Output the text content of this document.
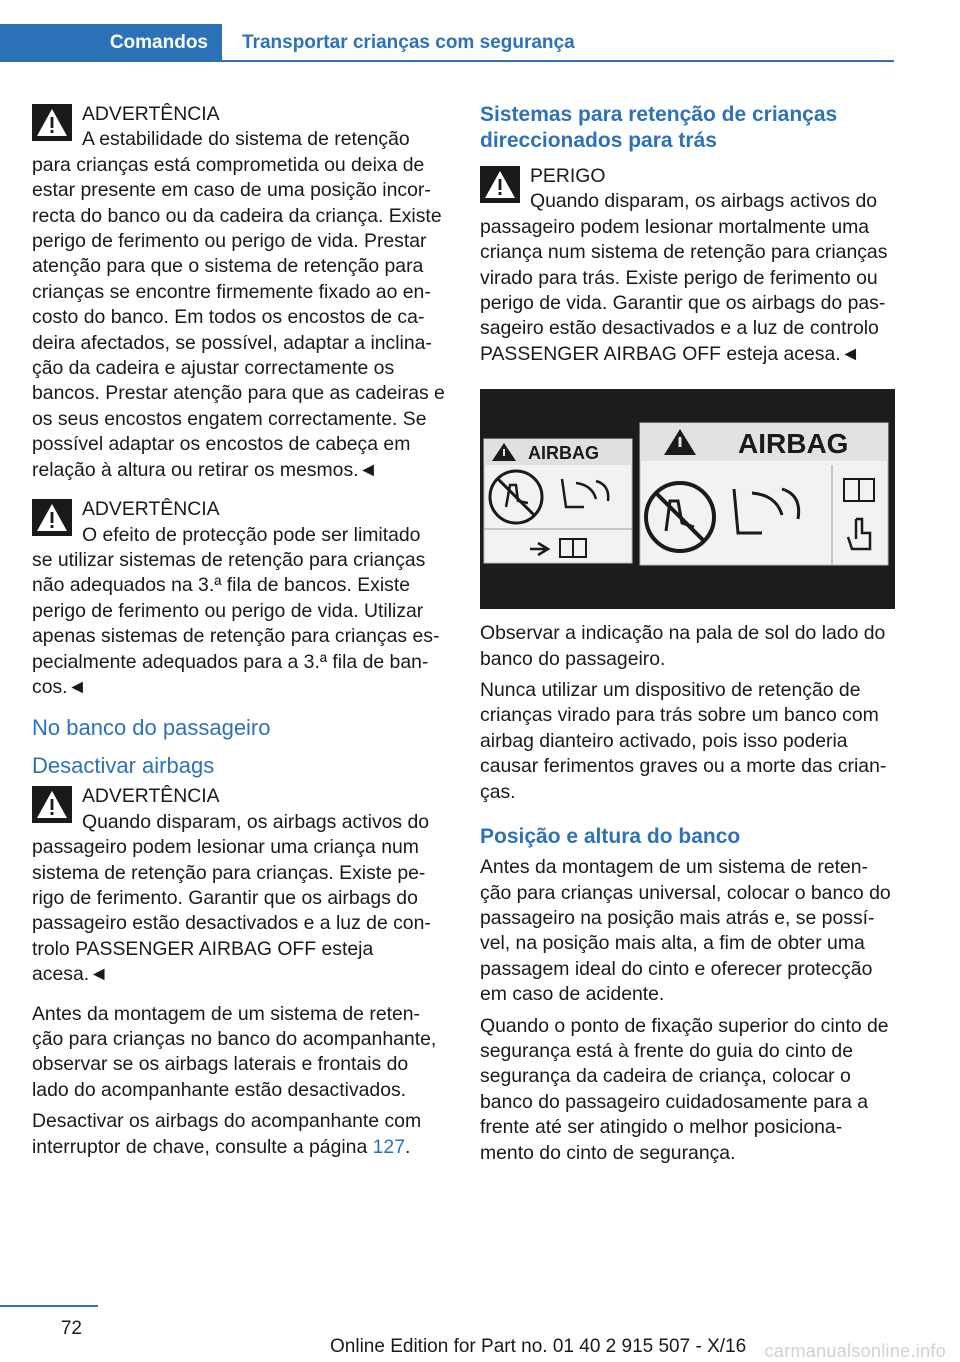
Comandos	Transportar crianças com segurança
ADVERTÊNCIA
A estabilidade do sistema de retenção
para crianças está comprometida ou deixa de estar presente em caso de uma posição incor-recta do banco ou da cadeira da criança. Existe perigo de ferimento ou perigo de vida. Prestar atenção para que o sistema de retenção para crianças se encontre firmemente fixado ao en-costo do banco. Em todos os encostos de ca-deira afectados, se possível, adaptar a inclina-ção da cadeira e ajustar correctamente os bancos. Prestar atenção para que as cadeiras e os seus encostos engatem correctamente. Se possível adaptar os encostos de cabeça em relação à altura ou retirar os mesmos.◄
ADVERTÊNCIA
O efeito de protecção pode ser limitado
se utilizar sistemas de retenção para crianças não adequados na 3.ª fila de bancos. Existe perigo de ferimento ou perigo de vida. Utilizar apenas sistemas de retenção para crianças es-pecialmente adequados para a 3.ª fila de ban-cos.◄
No banco do passageiro
Desactivar airbags
ADVERTÊNCIA
Quando disparam, os airbags activos do
passageiro podem lesionar uma criança num sistema de retenção para crianças. Existe pe-rigo de ferimento. Garantir que os airbags do passageiro estão desactivados e a luz de con-trolo PASSENGER AIRBAG OFF esteja acesa.◄

Antes da montagem de um sistema de reten-ção para crianças no banco do acompanhante, observar se os airbags laterais e frontais do lado do acompanhante estão desactivados.

Desactivar os airbags do acompanhante com interruptor de chave, consulte a página 127.

Sistemas para retenção de crianças direccionados para trás
PERIGO
Quando disparam, os airbags activos do
passageiro podem lesionar mortalmente uma criança num sistema de retenção para crianças virado para trás. Existe perigo de ferimento ou perigo de vida. Garantir que os airbags do pas-sageiro estão desactivados e a luz de controlo PASSENGER AIRBAG OFF esteja acesa.◄
AIRBAG	AIRBAG

Observar a indicação na pala de sol do lado do banco do passageiro.

Nunca utilizar um dispositivo de retenção de crianças virado para trás sobre um banco com airbag dianteiro activado, pois isso poderia causar ferimentos graves ou a morte das crian-ças.

Posição e altura do banco

Antes da montagem de um sistema de reten-ção para crianças universal, colocar o banco do passageiro na posição mais atrás e, se possí-vel, na posição mais alta, a fim de obter uma passagem ideal do cinto e oferecer protecção em caso de acidente.

Quando o ponto de fixação superior do cinto de segurança está à frente do guia do cinto de segurança da cadeira de criança, colocar o banco do passageiro cuidadosamente para a frente até ser atingido o melhor posiciona-mento do cinto de segurança.

72
Online Edition for Part no. 01 40 2 915 507 - X/16 carmanualsonline.info
